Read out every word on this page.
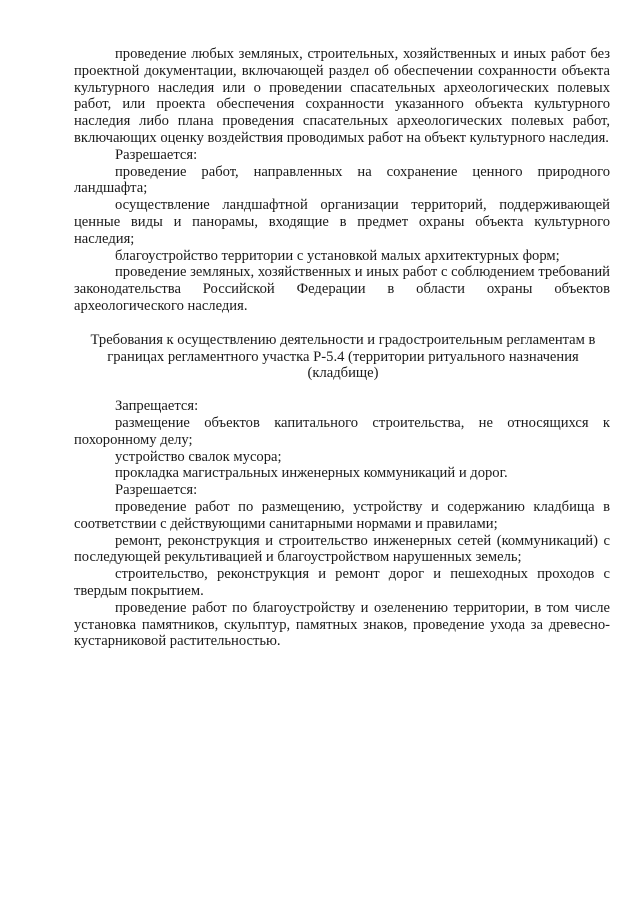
проведение любых земляных, строительных, хозяйственных и иных работ без проектной документации, включающей раздел об обеспечении сохранности объекта культурного наследия или о проведении спасательных археологических полевых работ, или проекта обеспечения сохранности указанного объекта культурного наследия либо плана проведения спасательных археологических полевых работ, включающих оценку воздействия проводимых работ на объект культурного наследия.

Разрешается:

проведение работ, направленных на сохранение ценного природного ландшафта;

осуществление ландшафтной организации территорий, поддерживающей ценные виды и панорамы, входящие в предмет охраны объекта культурного наследия;

благоустройство территории с установкой малых архитектурных форм;

проведение земляных, хозяйственных и иных работ с соблюдением требований законодательства Российской Федерации в области охраны объектов археологического наследия.

Требования к осуществлению деятельности и градостроительным регламентам в границах регламентного участка Р-5.4 (территории ритуального назначения (кладбище)

Запрещается:

размещение объектов капитального строительства, не относящихся к похоронному делу;

устройство свалок мусора;

прокладка магистральных инженерных коммуникаций и дорог.

Разрешается:

проведение работ по размещению, устройству и содержанию кладбища в соответствии с действующими санитарными нормами и правилами;

ремонт, реконструкция и строительство инженерных сетей (коммуникаций) с последующей рекультивацией и благоустройством нарушенных земель;

строительство, реконструкция и ремонт дорог и пешеходных проходов с твердым покрытием.

проведение работ по благоустройству и озеленению территории, в том числе установка памятников, скульптур, памятных знаков, проведение ухода за древесно-кустарниковой растительностью.
